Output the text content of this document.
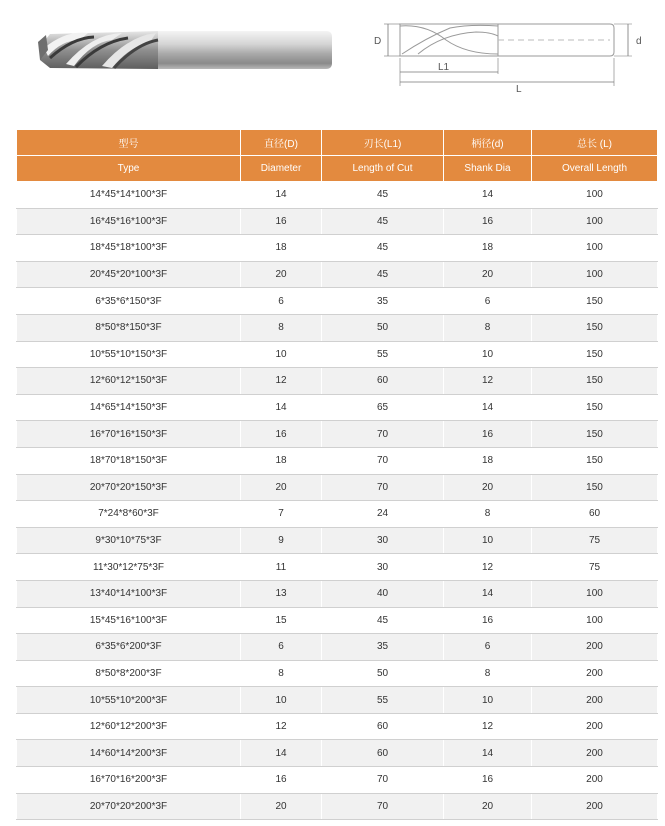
D	d
L1
L
型号	直径(D)	刃长(L1)	柄径(d)	总长 (L)
Type	Diameter	Length of Cut	Shank Dia	Overall Length
14*45*14*100*3F	14	45	14	100
16*45*16*100*3F	16	45	16	100
18*45*18*100*3F	18	45	18	100
20*45*20*100*3F	20	45	20	100
6*35*6*150*3F	6	35	6	150
8*50*8*150*3F	8	50	8	150
10*55*10*150*3F	10	55	10	150
12*60*12*150*3F	12	60	12	150
14*65*14*150*3F	14	65	14	150
16*70*16*150*3F	16	70	16	150
18*70*18*150*3F	18	70	18	150
20*70*20*150*3F	20	70	20	150
7*24*8*60*3F	7	24	8	60
9*30*10*75*3F	9	30	10	75
11*30*12*75*3F	11	30	12	75
13*40*14*100*3F	13	40	14	100
15*45*16*100*3F	15	45	16	100
6*35*6*200*3F	6	35	6	200
8*50*8*200*3F	8	50	8	200
10*55*10*200*3F	10	55	10	200
12*60*12*200*3F	12	60	12	200
14*60*14*200*3F	14	60	14	200
16*70*16*200*3F	16	70	16	200
20*70*20*200*3F	20	70	20	200
